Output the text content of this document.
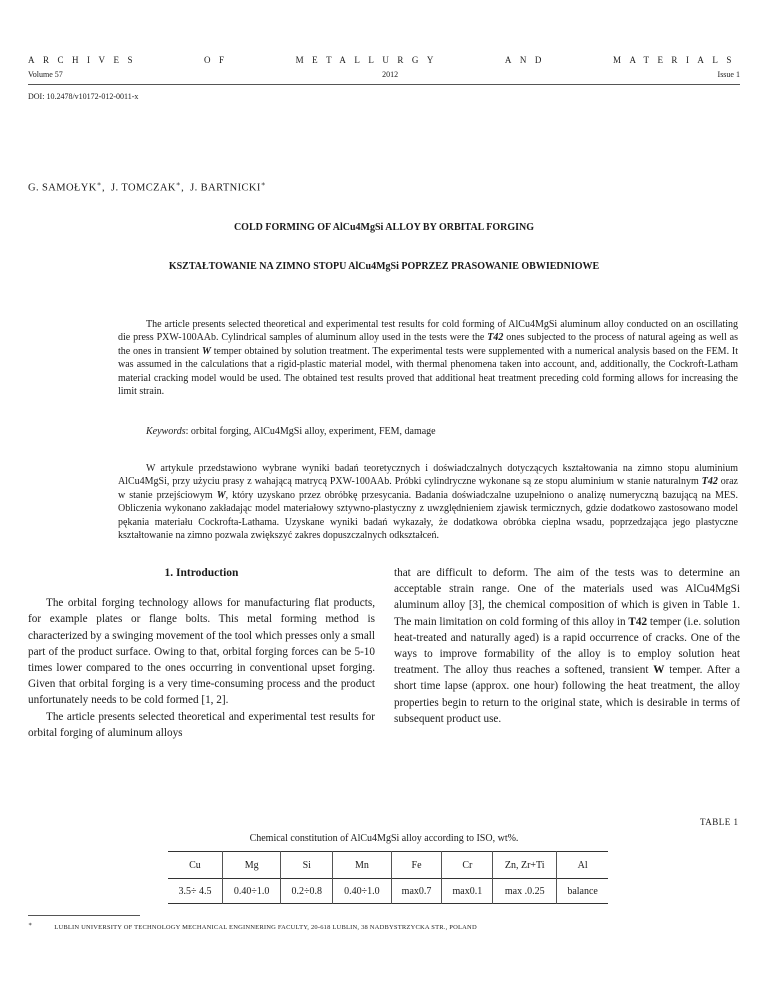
ARCHIVES	OF	METALLURGY	AND	MATERIALS
Volume 57	2012	Issue 1
DOI: 10.2478/v10172-012-0011-x
G. SAMOŁYK∗,  J. TOMCZAK∗,  J. BARTNICKI∗
COLD FORMING OF AlCu4MgSi ALLOY BY ORBITAL FORGING
KSZTAŁTOWANIE NA ZIMNO STOPU AlCu4MgSi POPRZEZ PRASOWANIE OBWIEDNIOWE

The article presents selected theoretical and experimental test results for cold forming of AlCu4MgSi aluminum alloy conducted on an oscillating die press PXW-100AAb. Cylindrical samples of aluminum alloy used in the tests were the T42 ones subjected to the process of natural ageing as well as the ones in transient W temper obtained by solution treatment. The experimental tests were supplemented with a numerical analysis based on the FEM. It was assumed in the calculations that a rigid-plastic material model, with thermal phenomena taken into account, and, additionally, the Cockroft-Latham material cracking model would be used. The obtained test results proved that additional heat treatment preceding cold forming allows for increasing the limit strain.

Keywords: orbital forging, AlCu4MgSi alloy, experiment, FEM, damage

W artykule przedstawiono wybrane wyniki badań teoretycznych i doświadczalnych dotyczących kształtowania na zimno stopu aluminium AlCu4MgSi, przy użyciu prasy z wahającą matrycą PXW-100AAb. Próbki cylindryczne wykonane są ze stopu aluminium w stanie naturalnym T42 oraz w stanie przejściowym W, który uzyskano przez obróbkę przesycania. Badania doświadczalne uzupełniono o analizę numeryczną bazującą na MES. Obliczenia wykonano zakładając model materiałowy sztywno-plastyczny z uwzględnieniem zjawisk termicznych, gdzie dodatkowo zastosowano model pękania materiału Cockrofta-Lathama. Uzyskane wyniki badań wykazały, że dodatkowa obróbka cieplna wsadu, poprzedzająca jego plastyczne kształtowanie na zimno pozwala zwiększyć zakres dopuszczalnych odkształceń.

1. Introduction

The orbital forging technology allows for manufacturing flat products, for example plates or flange bolts. This metal forming method is characterized by a swinging movement of the tool which presses only a small part of the product surface. Owing to that, orbital forging forces can be 5-10 times lower compared to the ones occurring in conventional upset forging. Given that orbital forging is a very time-consuming process and the product unfortunately needs to be cold formed [1, 2].

The article presents selected theoretical and experimental test results for orbital forging of aluminum alloys

that are difficult to deform. The aim of the tests was to determine an acceptable strain range. One of the materials used was AlCu4MgSi aluminum alloy [3], the chemical composition of which is given in Table 1. The main limitation on cold forming of this alloy in T42 temper (i.e. solution heat-treated and naturally aged) is a rapid occurrence of cracks. One of the ways to improve formability of the alloy is to employ solution heat treatment. The alloy thus reaches a softened, transient W temper. After a short time lapse (approx. one hour) following the heat treatment, the alloy properties begin to return to the original state, which is desirable in terms of subsequent product use.

TABLE 1
Chemical constitution of AlCu4MgSi alloy according to ISO, wt%.
Cu	Mg	Si	Mn	Fe	Cr	Zn, Zr+Ti	Al
3.5÷ 4.5	0.40÷1.0	0.2÷0.8	0.40÷1.0	max0.7	max0.1	max .0.25	balance
∗	LUBLIN UNIVERSITY OF TECHNOLOGY MECHANICAL ENGINNERING FACULTY, 20-618 LUBLIN, 38 NADBYSTRZYCKA STR., POLAND
